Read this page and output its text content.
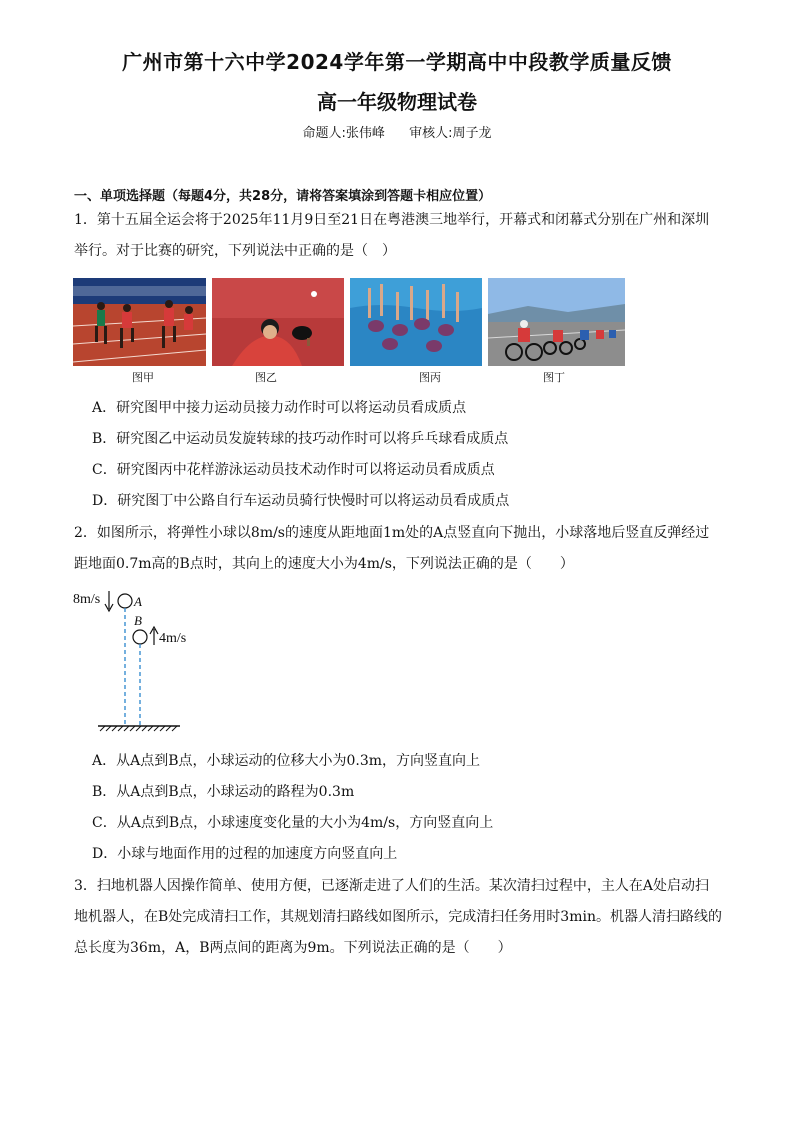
广州市第十六中学2024学年第一学期高中中段教学质量反馈
高一年级物理试卷
命题人:张伟峰 审核人:周子龙
一、单项选择题（每题4分，共28分，请将答案填涂到答题卡相应位置）
1．第十五届全运会将于2025年11月9日至21日在粤港澳三地举行，开幕式和闭幕式分别在广州和深圳
举行。对于比赛的研究，下列说法中正确的是（　）
图甲	图乙	图丙	图丁
A．研究图甲中接力运动员接力动作时可以将运动员看成质点
B．研究图乙中运动员发旋转球的技巧动作时可以将乒乓球看成质点
C．研究图丙中花样游泳运动员技术动作时可以将运动员看成质点
D．研究图丁中公路自行车运动员骑行快慢时可以将运动员看成质点
2．如图所示，将弹性小球以8m/s的速度从距地面1m处的A点竖直向下抛出，小球落地后竖直反弹经过
距地面0.7m高的B点时，其向上的速度大小为4m/s，下列说法正确的是（　　）
8m/s	A
B
4m/s
A．从A点到B点，小球运动的位移大小为0.3m，方向竖直向上
B．从A点到B点，小球运动的路程为0.3m
C．从A点到B点，小球速度变化量的大小为4m/s，方向竖直向上
D．小球与地面作用的过程的加速度方向竖直向上
3．扫地机器人因操作简单、使用方便，已逐渐走进了人们的生活。某次清扫过程中，主人在A处启动扫
地机器人，在B处完成清扫工作，其规划清扫路线如图所示，完成清扫任务用时3min。机器人清扫路线的
总长度为36m，A，B两点间的距离为9m。下列说法正确的是（　　）
